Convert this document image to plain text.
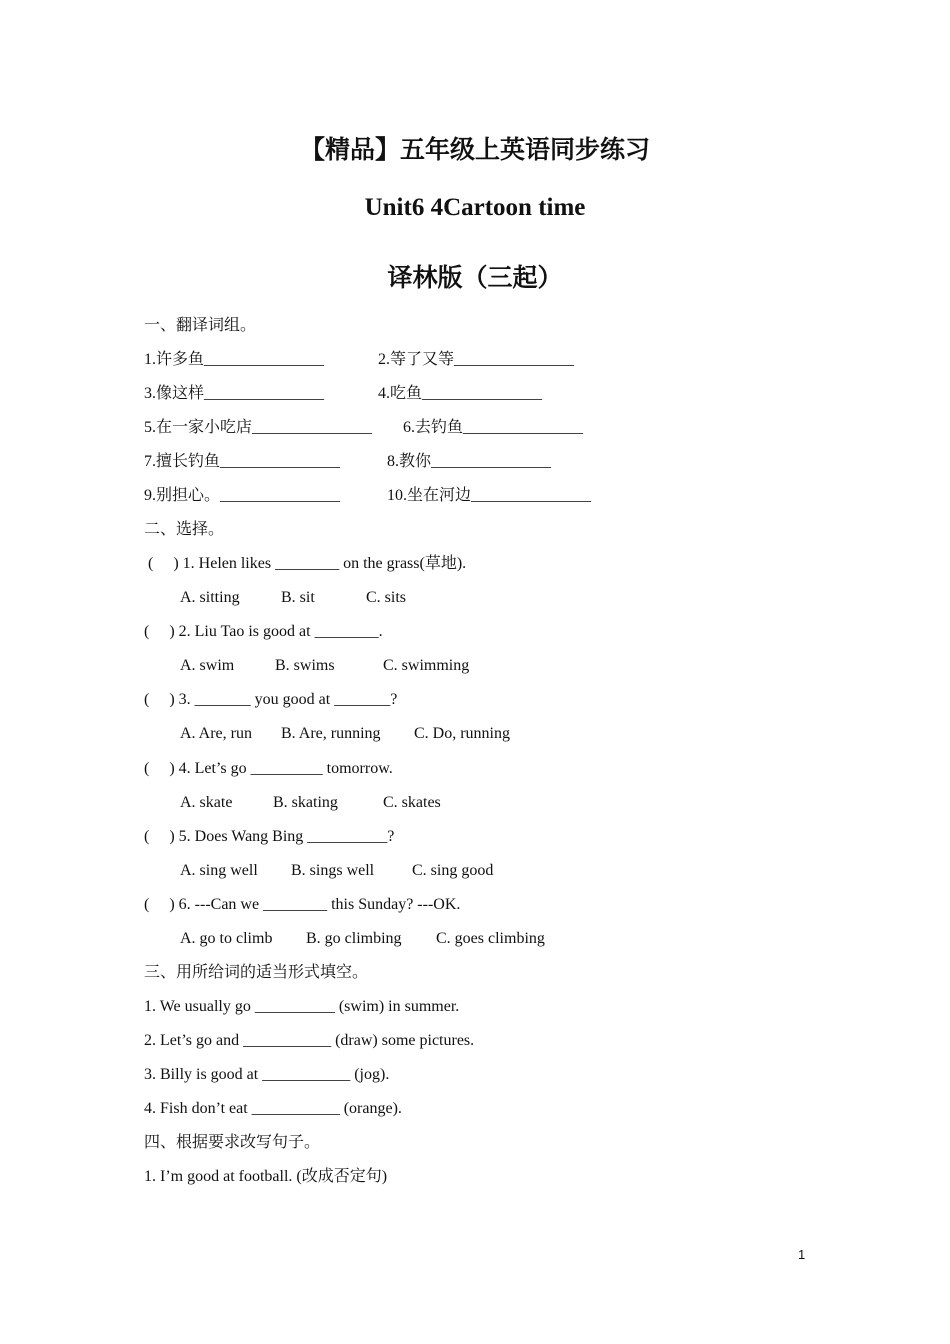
【精品】五年级上英语同步练习
Unit6 4Cartoon time
译林版（三起）
一、翻译词组。
1.许多鱼_______________	2.等了又等_______________
3.像这样_______________	4.吃鱼_______________
5.在一家小吃店_______________ 6.去钓鱼_______________
7.擅长钓鱼_______________	8.教你_______________
9.别担心。_______________	10.坐在河边_______________
二、选择。
(     ) 1. Helen likes ________ on the grass(草地).
A. sitting	B. sit	C. sits
(     ) 2. Liu Tao is good at ________.
A. swim	B. swims	C. swimming
(     ) 3. _______ you good at _______?
A. Are, run B. Are, running C. Do, running
(     ) 4. Let’s go _________ tomorrow.
A. skate	B. skating	C. skates
(     ) 5. Does Wang Bing __________?
A. sing well B. sings well C. sing good
(     ) 6. ---Can we ________ this Sunday? ---OK.
A. go to climb B. go climbing C. goes climbing
三、用所给词的适当形式填空。
1. We usually go __________ (swim) in summer.
2. Let’s go and ___________ (draw) some pictures.
3. Billy is good at ___________ (jog).
4. Fish don’t eat ___________ (orange).
四、根据要求改写句子。
1. I’m good at football. (改成否定句)
1
